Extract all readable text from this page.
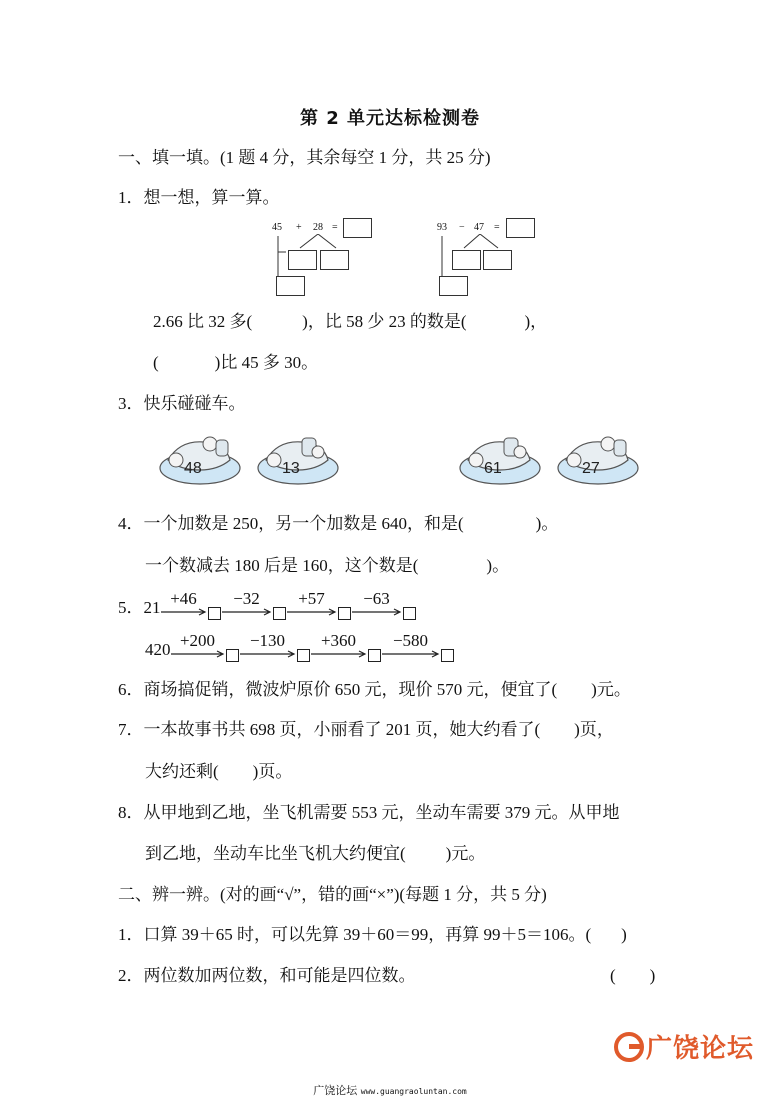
第 2 单元达标检测卷
一、填一填。(1 题 4 分，其余每空 1 分，共 25 分)
1．想一想，算一算。
45 + 28 =	93 − 47 =
2.66 比 32 多(	)，比 58 少 23 的数是(	)，
(	)比 45 多 30。
3．快乐碰碰车。
48	13	61	27
4．一个加数是 250，另一个加数是 640，和是(	)。
一个数减去 180 后是 160，这个数是(	)。
5． 21 +46	−32	+57	−63
420 +200	−130	+360	−580
6．商场搞促销，微波炉原价 650 元，现价 570 元，便宜了( )元。
7．一本故事书共 698 页，小丽看了 201 页，她大约看了( )页，
大约还剩( )页。
8．从甲地到乙地，坐飞机需要 553 元，坐动车需要 379 元。从甲地
到乙地，坐动车比坐飞机大约便宜( )元。
二、辨一辨。(对的画“√”，错的画“×”)(每题 1 分，共 5 分)
1．口算 39＋65 时，可以先算 39＋60＝99，再算 99＋5＝106。( )
2．两位数加两位数，和可能是四位数。	( )
广饶论坛
广饶论坛 www.guangraoluntan.com
